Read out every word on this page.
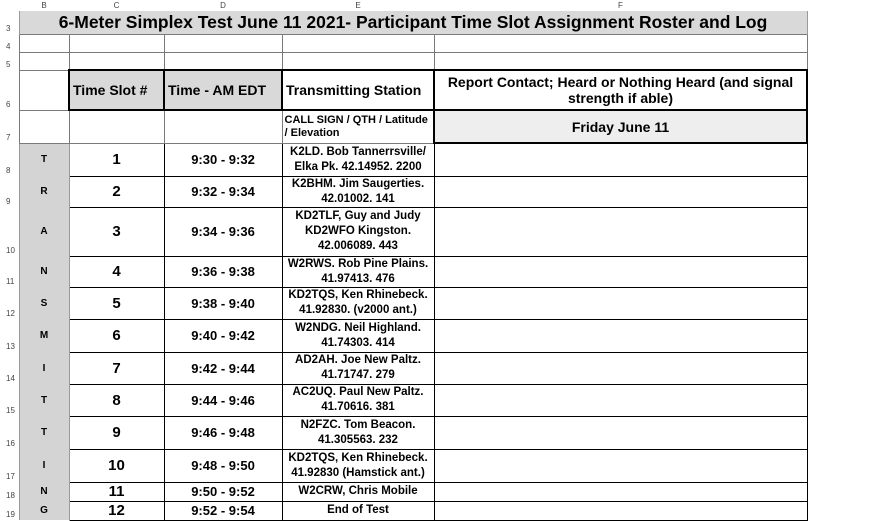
	B	C	D	E	F	
3	6-Meter Simplex Test June 11 2021- Participant Time Slot Assignment Roster and Log					
4						
5						
6		Time Slot #	Time - AM EDT	Transmitting Station	Report Contact; Heard or Nothing Heard (and signal strength if able)	
7				CALL SIGN / QTH / Latitude / Elevation	Friday June 11	
8	T	1	9:30 - 9:32	K2LD. Bob Tannerrsville/ Elka Pk. 42.14952. 2200		
9	R	2	9:32 - 9:34	K2BHM. Jim Saugerties. 42.01002. 141		
10	A	3	9:34 - 9:36	KD2TLF, Guy and Judy KD2WFO Kingston. 42.006089. 443		
11	N	4	9:36 - 9:38	W2RWS. Rob Pine Plains. 41.97413. 476		
12	S	5	9:38 - 9:40	KD2TQS, Ken Rhinebeck. 41.92830. (v2000 ant.)		
13	M	6	9:40 - 9:42	W2NDG. Neil Highland. 41.74303. 414		
14	I	7	9:42 - 9:44	AD2AH. Joe New Paltz. 41.71747. 279		
15	T	8	9:44 - 9:46	AC2UQ. Paul New Paltz. 41.70616. 381		
16	T	9	9:46 - 9:48	N2FZC. Tom Beacon. 41.305563. 232		
17	I	10	9:48 - 9:50	KD2TQS, Ken Rhinebeck. 41.92830 (Hamstick ant.)		
18	N	11	9:50 - 9:52	W2CRW, Chris Mobile		
19	G	12	9:52 - 9:54	End of Test		
